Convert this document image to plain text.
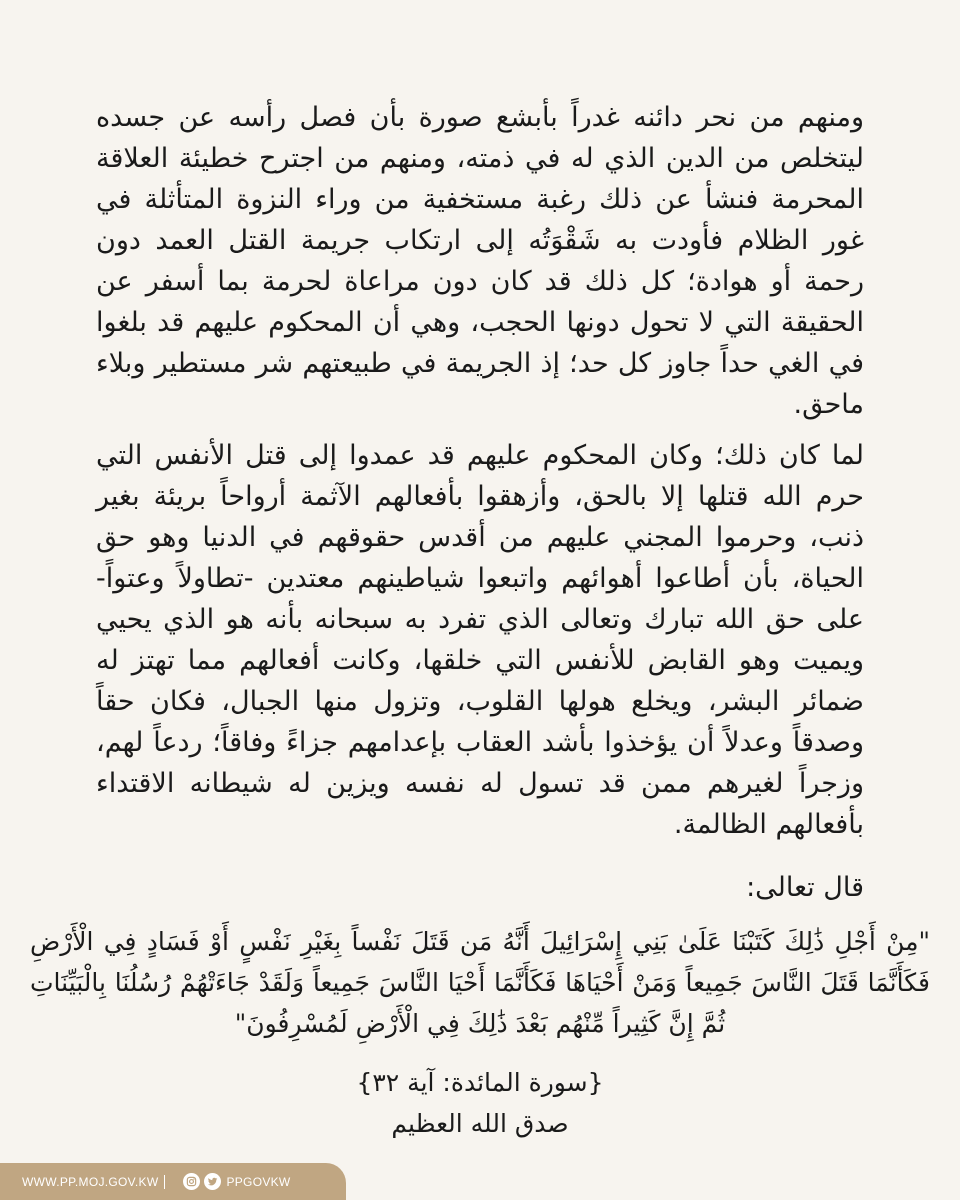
ومنهم من نحر دائنه غدراً بأبشع صورة بأن فصل رأسه عن جسده ليتخلص من الدين الذي له في ذمته، ومنهم من اجترح خطيئة العلاقة المحرمة فنشأ عن ذلك رغبة مستخفية من وراء النزوة المتأثلة في غور الظلام فأودت به شَقْوَتُه إلى ارتكاب جريمة القتل العمد دون رحمة أو هوادة؛ كل ذلك قد كان دون مراعاة لحرمة بما أسفر عن الحقيقة التي لا تحول دونها الحجب، وهي أن المحكوم عليهم قد بلغوا في الغي حداً جاوز كل حد؛ إذ الجريمة في طبيعتهم شر مستطير وبلاء ماحق.

لما كان ذلك؛ وكان المحكوم عليهم قد عمدوا إلى قتل الأنفس التي حرم الله قتلها إلا بالحق، وأزهقوا بأفعالهم الآثمة أرواحاً بريئة بغير ذنب، وحرموا المجني عليهم من أقدس حقوقهم في الدنيا وهو حق الحياة، بأن أطاعوا أهوائهم واتبعوا شياطينهم معتدين -تطاولاً وعتواً- على حق الله تبارك وتعالى الذي تفرد به سبحانه بأنه هو الذي يحيي ويميت وهو القابض للأنفس التي خلقها، وكانت أفعالهم مما تهتز له ضمائر البشر، ويخلع هولها القلوب، وتزول منها الجبال، فكان حقاً وصدقاً وعدلاً أن يؤخذوا بأشد العقاب بإعدامهم جزاءً وفاقاً؛ ردعاً لهم، وزجراً لغيرهم ممن قد تسول له نفسه ويزين له شيطانه الاقتداء بأفعالهم الظالمة.

قال تعالى:

"مِنْ أَجْلِ ذَٰلِكَ كَتَبْنَا عَلَىٰ بَنِي إِسْرَائِيلَ أَنَّهُ مَن قَتَلَ نَفْساً بِغَيْرِ نَفْسٍ أَوْ فَسَادٍ فِي الْأَرْضِ فَكَأَنَّمَا قَتَلَ النَّاسَ جَمِيعاً وَمَنْ أَحْيَاهَا فَكَأَنَّمَا أَحْيَا النَّاسَ جَمِيعاً وَلَقَدْ جَاءَتْهُمْ رُسُلُنَا بِالْبَيِّنَاتِ ثُمَّ إِنَّ كَثِيراً مِّنْهُم بَعْدَ ذَٰلِكَ فِي الْأَرْضِ لَمُسْرِفُونَ"

{سورة المائدة: آية ٣٢}

صدق الله العظيم

WWW.PP.MOJ.GOV.KW	PPGOVKW
